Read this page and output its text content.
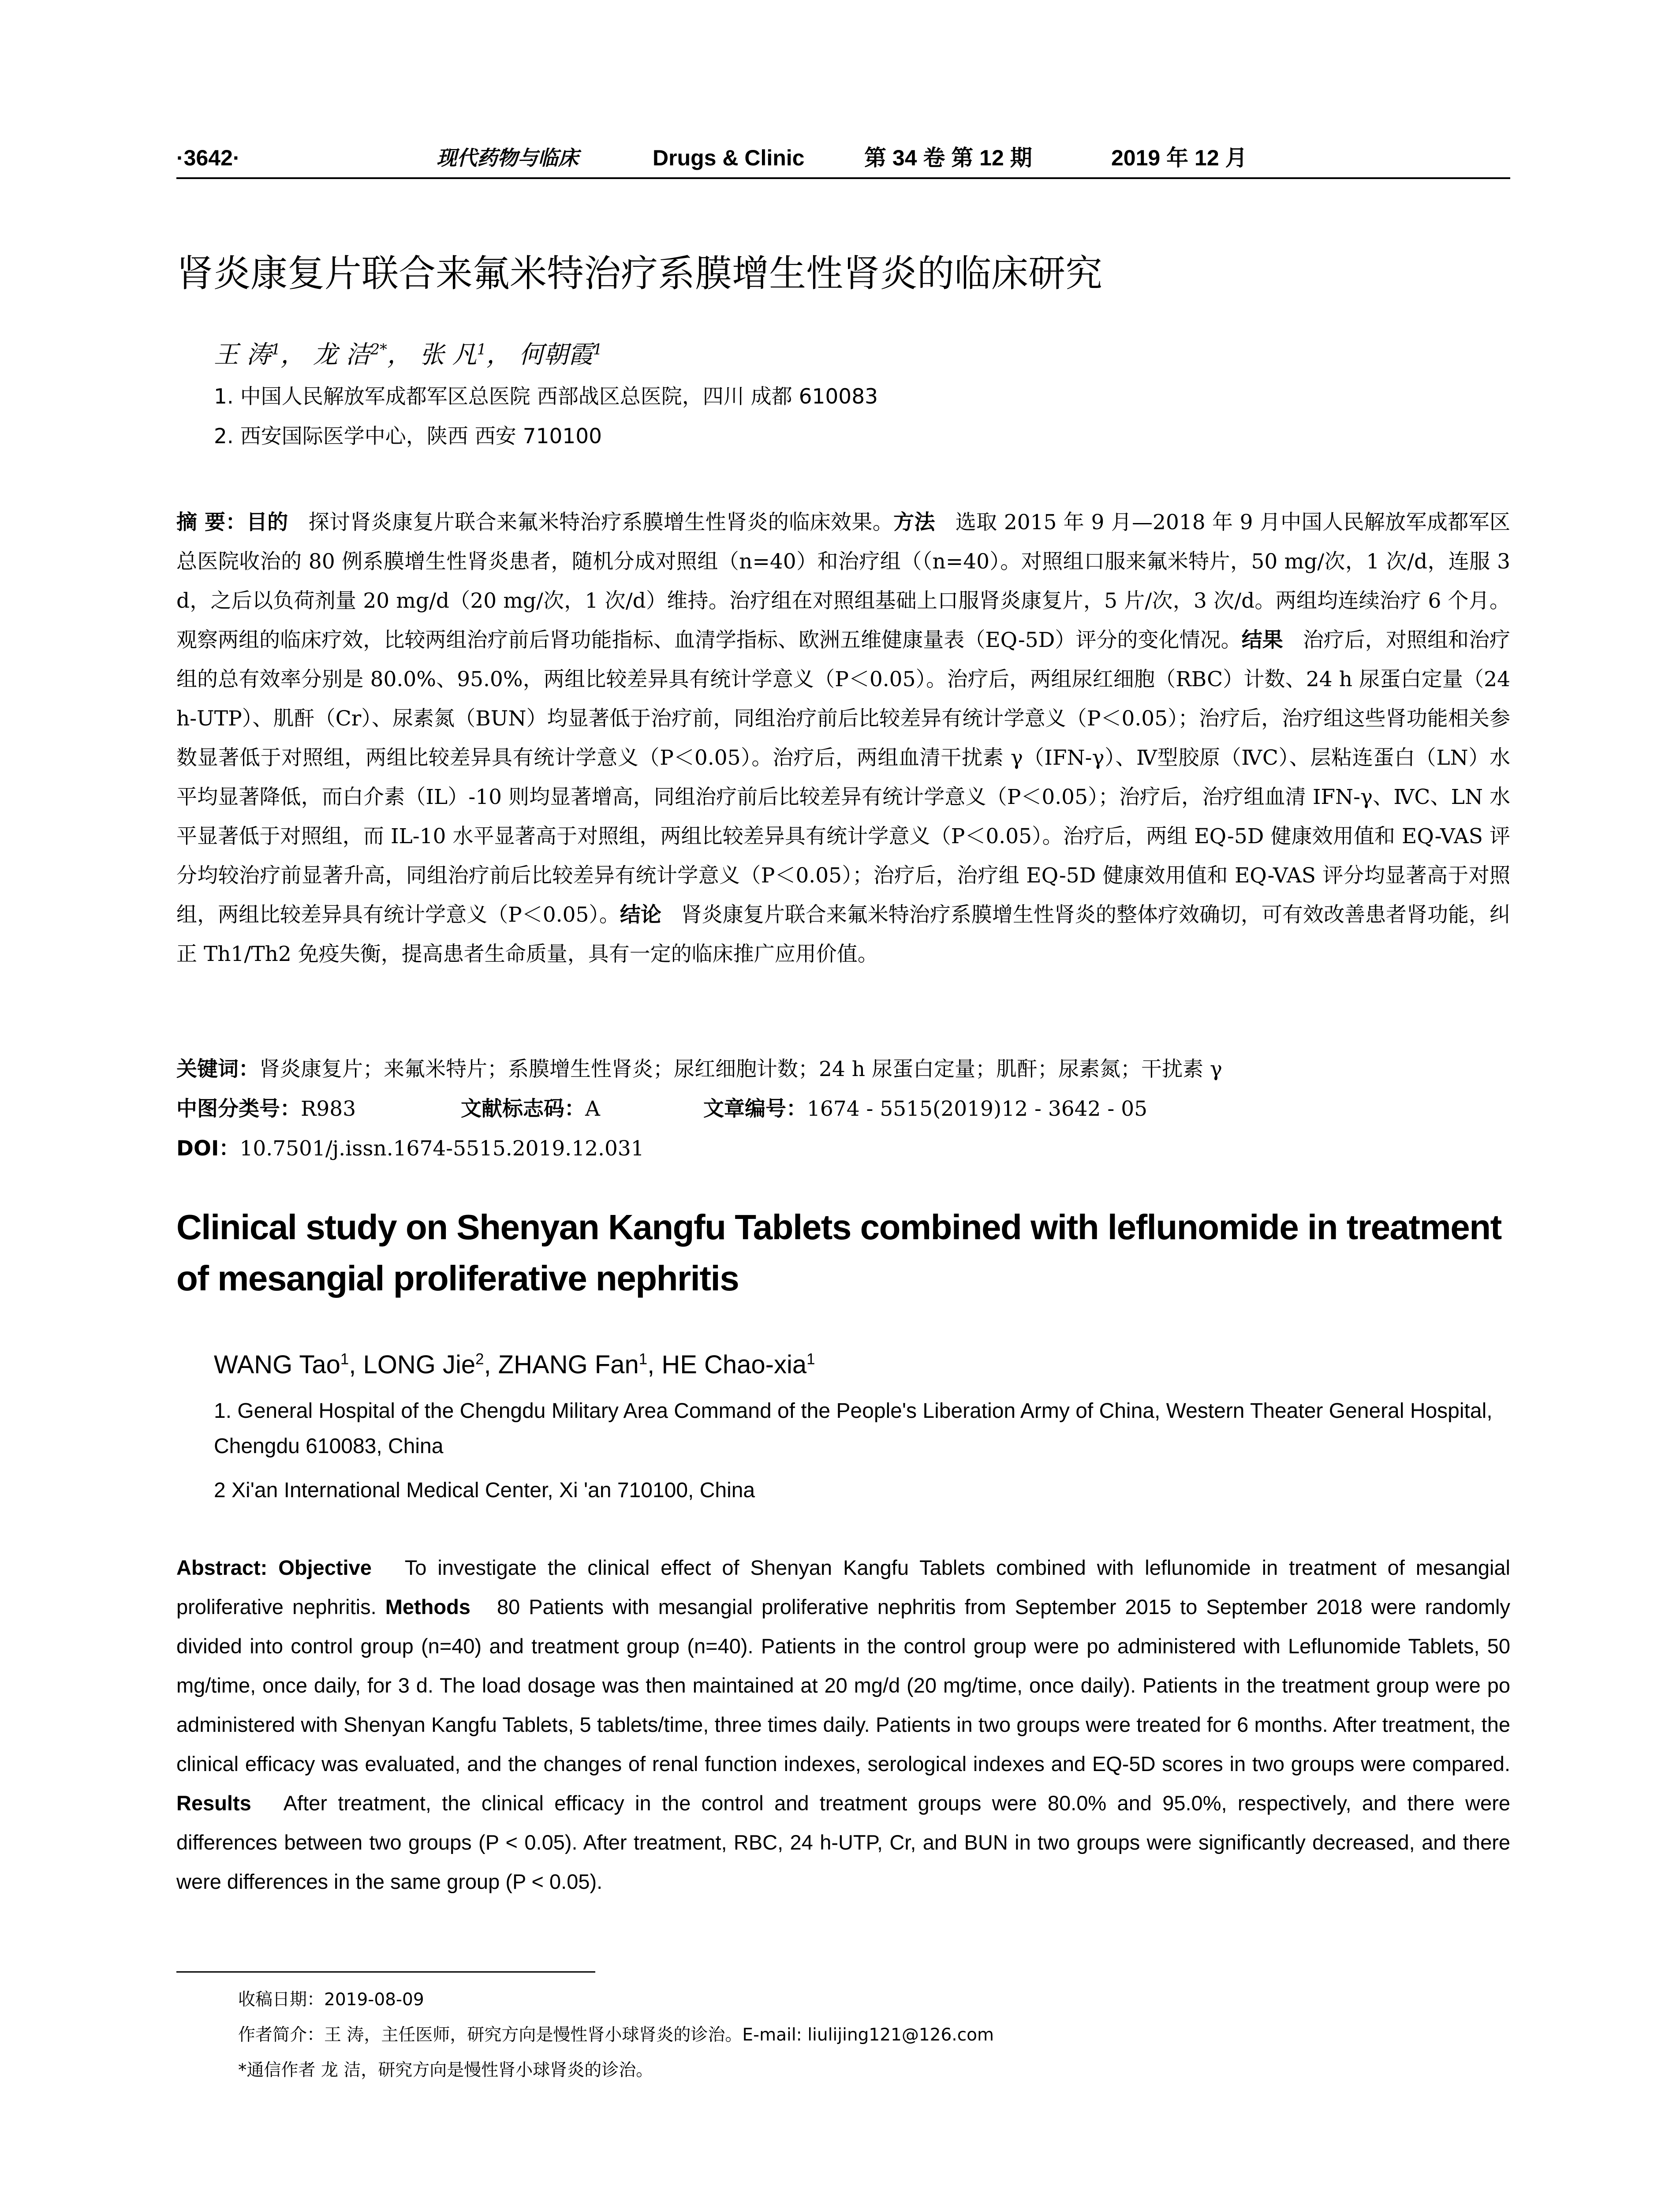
·3642·	现代药物与临床	Drugs & Clinic	第 34 卷 第 12 期	2019 年 12 月
肾炎康复片联合来氟米特治疗系膜增生性肾炎的临床研究
王 涛$^1$， 龙 洁$^{2*}$， 张 凡$^1$， 何朝霞$^1$
1. 中国人民解放军成都军区总医院 西部战区总医院，四川 成都 610083
2. 西安国际医学中心，陕西 西安 710100
摘 要：目的 探讨肾炎康复片联合来氟米特治疗系膜增生性肾炎的临床效果。方法 选取 2015 年 9 月—2018 年 9 月中国人民解放军成都军区总医院收治的 80 例系膜增生性肾炎患者，随机分成对照组（n=40）和治疗组（（n=40）。对照组口服来氟米特片，50 mg/次，1 次/d，连服 3 d，之后以负荷剂量 20 mg/d（20 mg/次，1 次/d）维持。治疗组在对照组基础上口服肾炎康复片，5 片/次，3 次/d。两组均连续治疗 6 个月。观察两组的临床疗效，比较两组治疗前后肾功能指标、血清学指标、欧洲五维健康量表（EQ-5D）评分的变化情况。结果 治疗后，对照组和治疗组的总有效率分别是 80.0%、95.0%，两组比较差异具有统计学意义（P＜0.05）。治疗后，两组尿红细胞（RBC）计数、24 h 尿蛋白定量（24 h-UTP）、肌酐（Cr）、尿素氮（BUN）均显著低于治疗前，同组治疗前后比较差异有统计学意义（P＜0.05）；治疗后，治疗组这些肾功能相关参数显著低于对照组，两组比较差异具有统计学意义（P＜0.05）。治疗后，两组血清干扰素 γ（IFN-γ）、Ⅳ型胶原（ⅣC）、层粘连蛋白（LN）水平均显著降低，而白介素（IL）-10 则均显著增高，同组治疗前后比较差异有统计学意义（P＜0.05）；治疗后，治疗组血清 IFN-γ、ⅣC、LN 水平显著低于对照组，而 IL-10 水平显著高于对照组，两组比较差异具有统计学意义（P＜0.05）。治疗后，两组 EQ-5D 健康效用值和 EQ-VAS 评分均较治疗前显著升高，同组治疗前后比较差异有统计学意义（P＜0.05）；治疗后，治疗组 EQ-5D 健康效用值和 EQ-VAS 评分均显著高于对照组，两组比较差异具有统计学意义（P＜0.05）。结论 肾炎康复片联合来氟米特治疗系膜增生性肾炎的整体疗效确切，可有效改善患者肾功能，纠正 Th1/Th2 免疫失衡，提高患者生命质量，具有一定的临床推广应用价值。
关键词：肾炎康复片；来氟米特片；系膜增生性肾炎；尿红细胞计数；24 h 尿蛋白定量；肌酐；尿素氮；干扰素 γ
中图分类号：R983	文献标志码：A	文章编号：1674 - 5515(2019)12 - 3642 - 05
DOI：10.7501/j.issn.1674-5515.2019.12.031
Clinical study on Shenyan Kangfu Tablets combined with leflunomide in treatment of mesangial proliferative nephritis
WANG Tao$^1$, LONG Jie$^2$, ZHANG Fan$^1$, HE Chao-xia$^1$
1. General Hospital of the Chengdu Military Area Command of the People's Liberation Army of China, Western Theater General Hospital, Chengdu 610083, China
2 Xi'an International Medical Center, Xi 'an 710100, China
Abstract: Objective To investigate the clinical effect of Shenyan Kangfu Tablets combined with leflunomide in treatment of mesangial proliferative nephritis. Methods 80 Patients with mesangial proliferative nephritis from September 2015 to September 2018 were randomly divided into control group (n=40) and treatment group (n=40). Patients in the control group were po administered with Leflunomide Tablets, 50 mg/time, once daily, for 3 d. The load dosage was then maintained at 20 mg/d (20 mg/time, once daily). Patients in the treatment group were po administered with Shenyan Kangfu Tablets, 5 tablets/time, three times daily. Patients in two groups were treated for 6 months. After treatment, the clinical efficacy was evaluated, and the changes of renal function indexes, serological indexes and EQ-5D scores in two groups were compared. Results After treatment, the clinical efficacy in the control and treatment groups were 80.0% and 95.0%, respectively, and there were differences between two groups (P < 0.05). After treatment, RBC, 24 h-UTP, Cr, and BUN in two groups were significantly decreased, and there were differences in the same group (P < 0.05).
收稿日期：2019-08-09
作者简介：王 涛，主任医师，研究方向是慢性肾小球肾炎的诊治。E-mail: liulijing121@126.com
*通信作者 龙 洁，研究方向是慢性肾小球肾炎的诊治。
